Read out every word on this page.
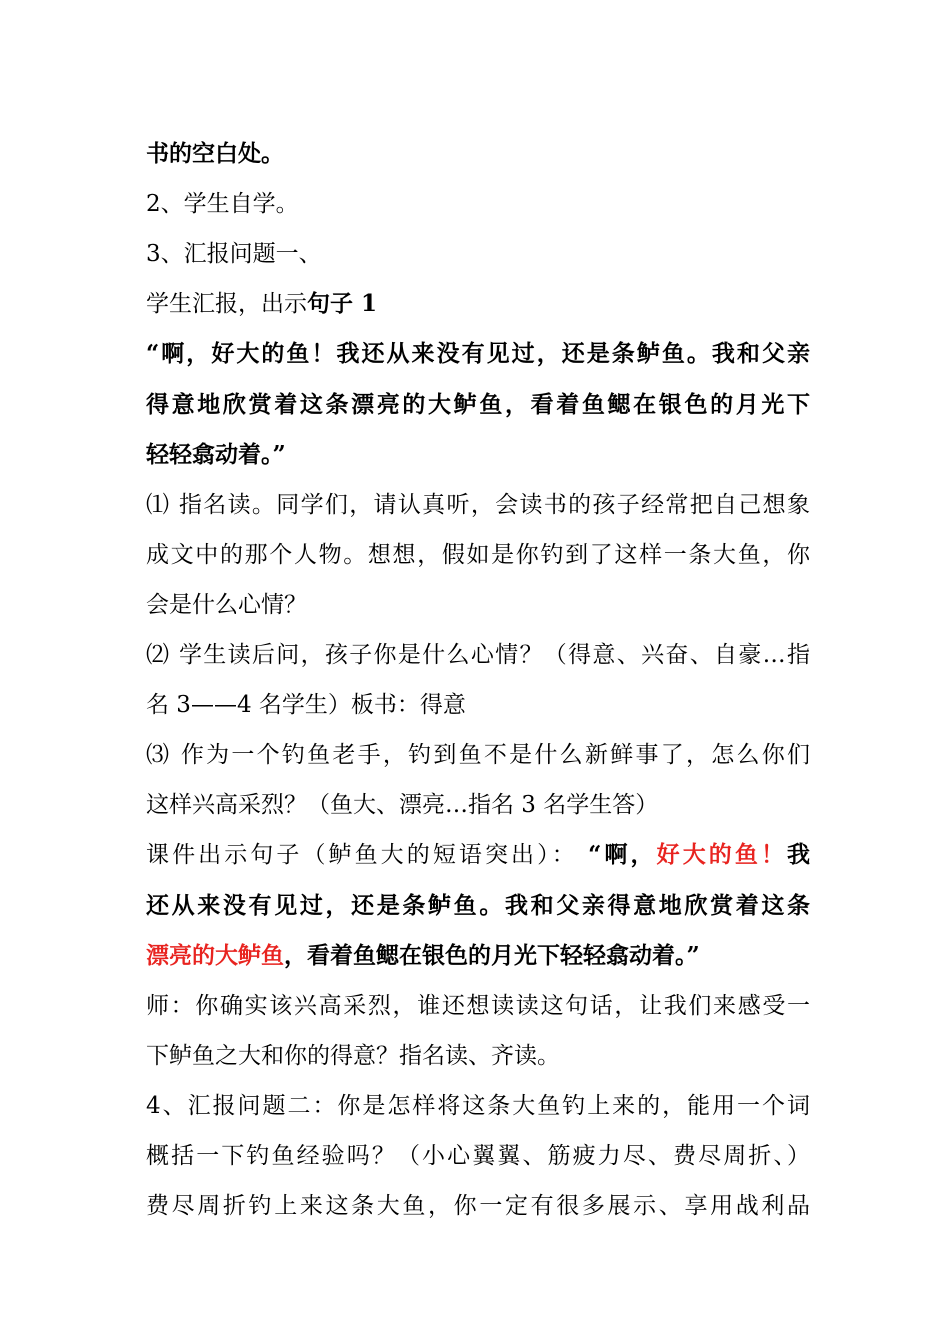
书的空白处。
2、学生自学。
3、汇报问题一、
学生汇报，出示句子 1
“啊，好大的鱼！我还从来没有见过，还是条鲈鱼。我和父亲
得意地欣赏着这条漂亮的大鲈鱼，看着鱼鳃在银色的月光下
轻轻翕动着。”
⑴ 指名读。同学们，请认真听，会读书的孩子经常把自己想象
成文中的那个人物。想想，假如是你钓到了这样一条大鱼，你
会是什么心情？
⑵ 学生读后问，孩子你是什么心情？（得意、兴奋、自豪…指
名 3——4 名学生）板书：得意
⑶ 作为一个钓鱼老手，钓到鱼不是什么新鲜事了，怎么你们
这样兴高采烈？（鱼大、漂亮…指名 3 名学生答）
课件出示句子（鲈鱼大的短语突出）： “啊，好大的鱼！我
还从来没有见过，还是条鲈鱼。我和父亲得意地欣赏着这条
漂亮的大鲈鱼，看着鱼鳃在银色的月光下轻轻翕动着。”
师：你确实该兴高采烈，谁还想读读这句话，让我们来感受一
下鲈鱼之大和你的得意？指名读、齐读。
4、汇报问题二：你是怎样将这条大鱼钓上来的，能用一个词
概括一下钓鱼经验吗？（小心翼翼、筋疲力尽、费尽周折、）
费尽周折钓上来这条大鱼，你一定有很多展示、享用战利品
